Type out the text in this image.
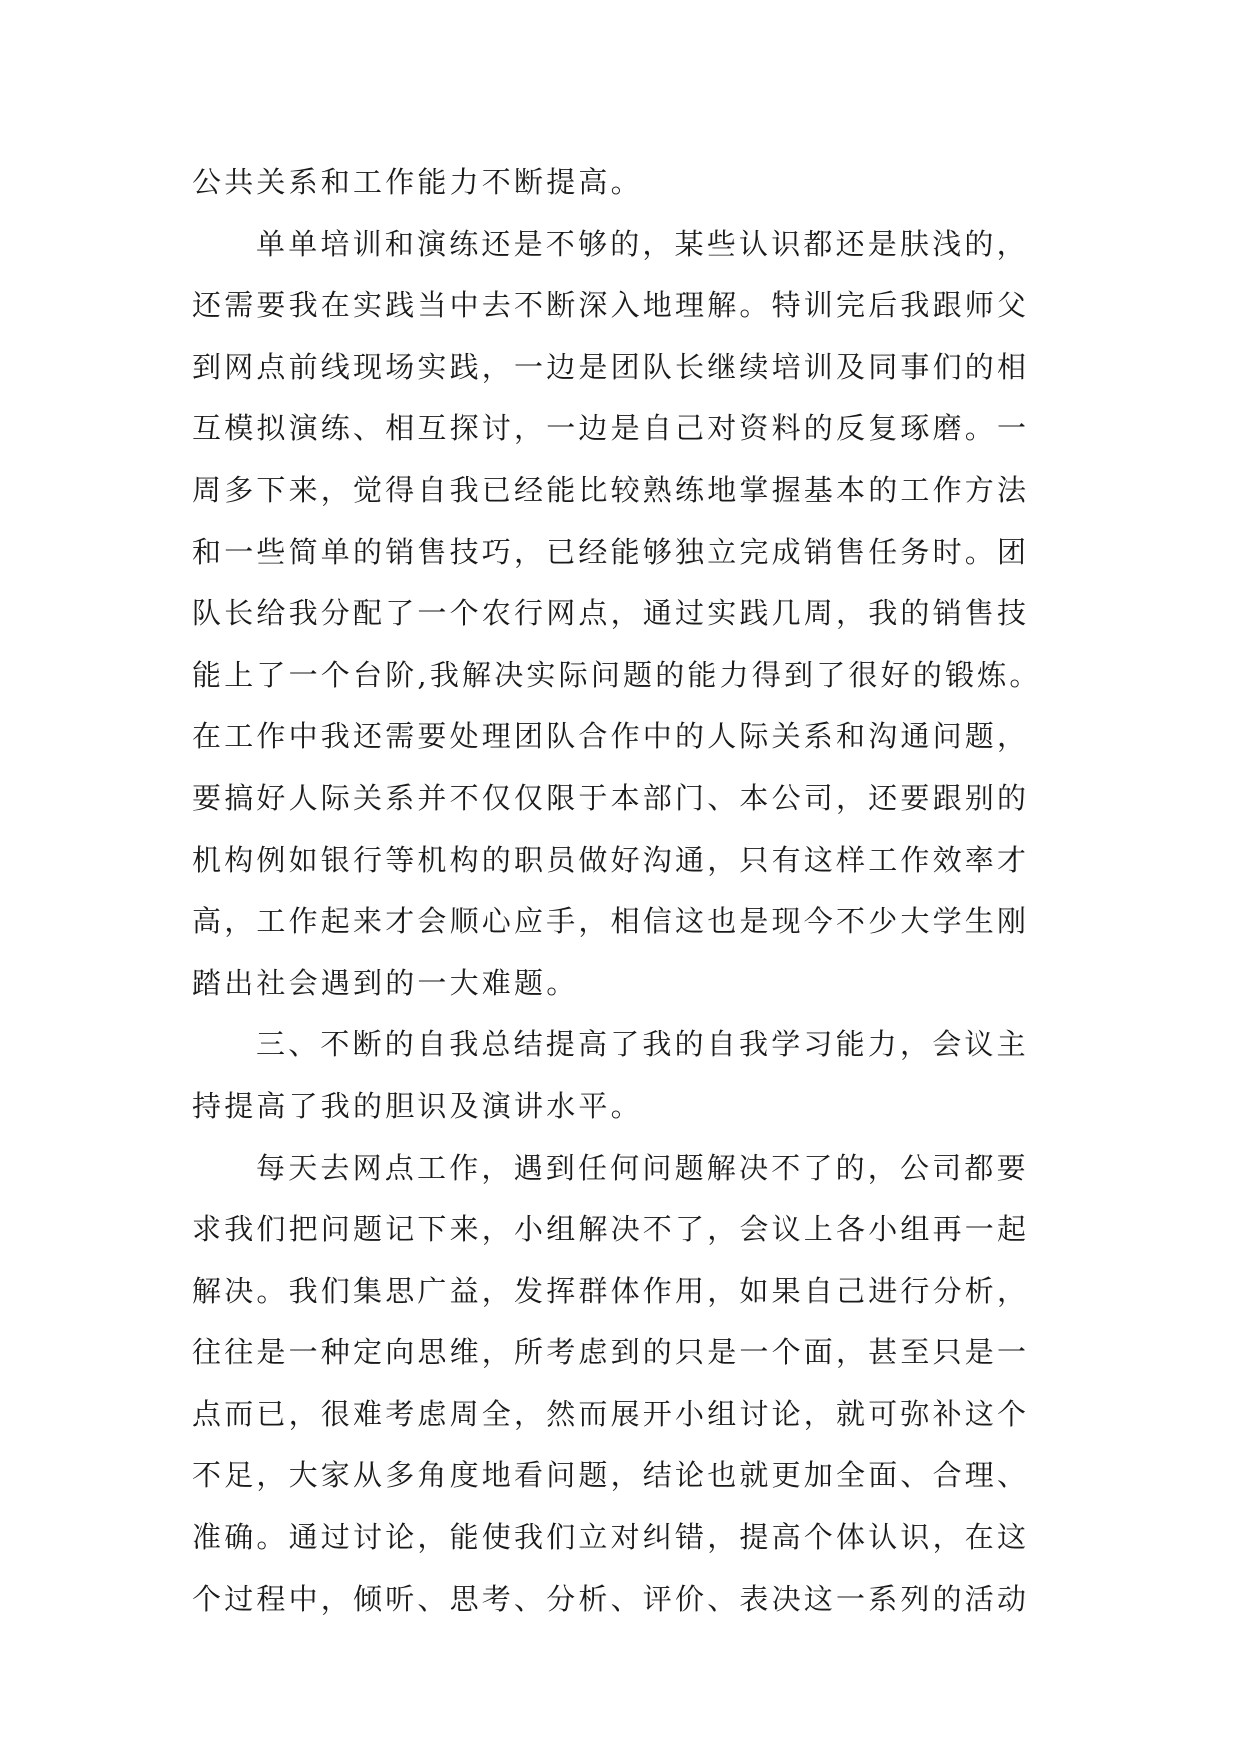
公共关系和工作能力不断提高。
单单培训和演练还是不够的，某些认识都还是肤浅的，
还需要我在实践当中去不断深入地理解。特训完后我跟师父
到网点前线现场实践，一边是团队长继续培训及同事们的相
互模拟演练、相互探讨，一边是自己对资料的反复琢磨。一
周多下来，觉得自我已经能比较熟练地掌握基本的工作方法
和一些简单的销售技巧，已经能够独立完成销售任务时。团
队长给我分配了一个农行网点，通过实践几周，我的销售技
能上了一个台阶,我解决实际问题的能力得到了很好的锻炼。
在工作中我还需要处理团队合作中的人际关系和沟通问题，
要搞好人际关系并不仅仅限于本部门、本公司，还要跟别的
机构例如银行等机构的职员做好沟通，只有这样工作效率才
高，工作起来才会顺心应手，相信这也是现今不少大学生刚
踏出社会遇到的一大难题。
三、不断的自我总结提高了我的自我学习能力，会议主
持提高了我的胆识及演讲水平。
每天去网点工作，遇到任何问题解决不了的，公司都要
求我们把问题记下来，小组解决不了，会议上各小组再一起
解决。我们集思广益，发挥群体作用，如果自己进行分析，
往往是一种定向思维，所考虑到的只是一个面，甚至只是一
点而已，很难考虑周全，然而展开小组讨论，就可弥补这个
不足，大家从多角度地看问题，结论也就更加全面、合理、
准确。通过讨论，能使我们立对纠错，提高个体认识，在这
个过程中，倾听、思考、分析、评价、表决这一系列的活动
